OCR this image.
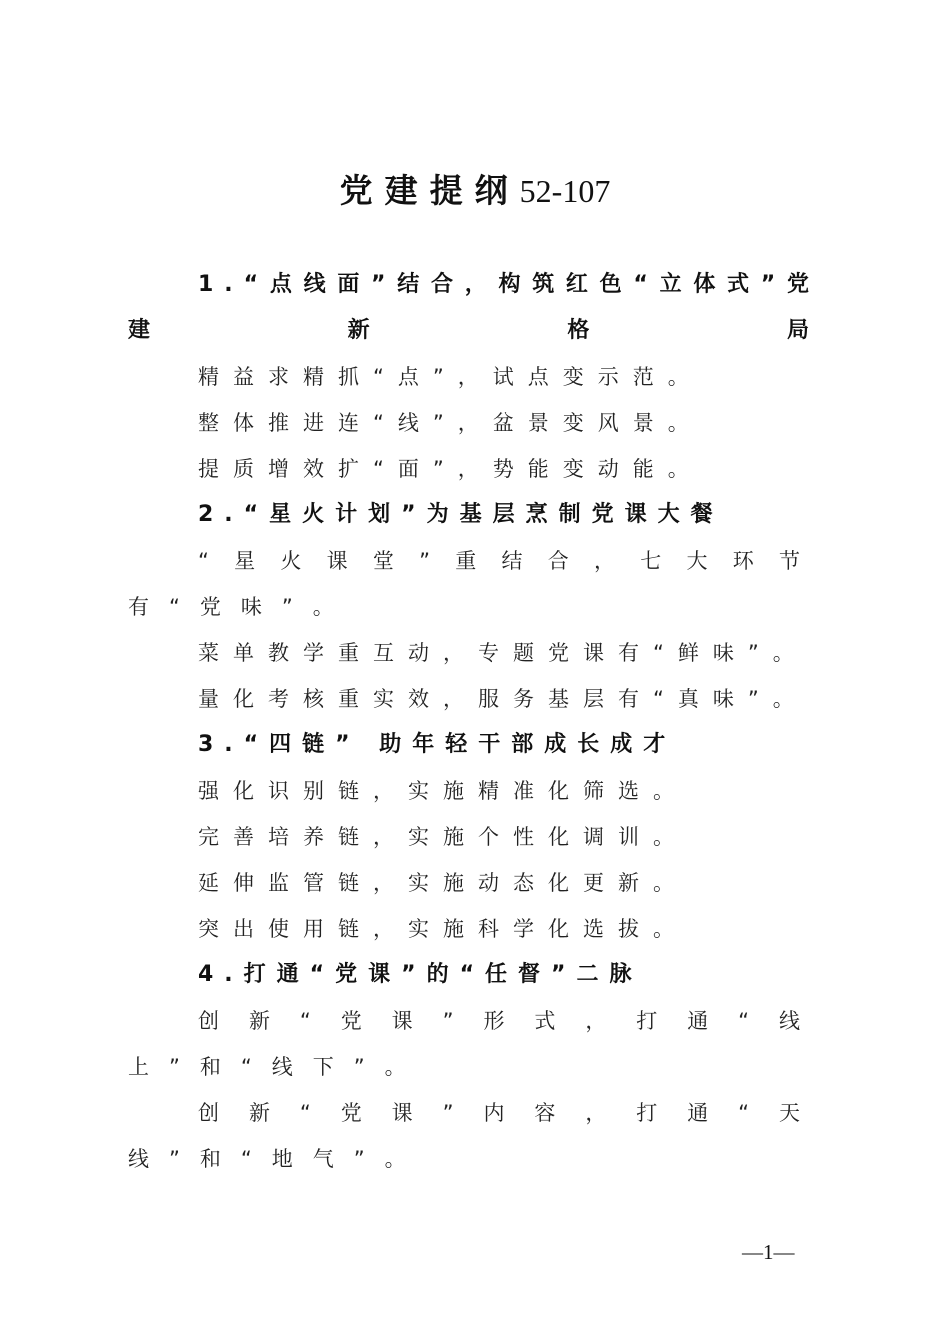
党建提纲52-107

1.“点线面”结合，构筑红色“立体式”党建新格局

精益求精抓“点”，试点变示范。

整体推进连“线”，盆景变风景。

提质增效扩“面”，势能变动能。

2.“星火计划”为基层烹制党课大餐

“星火课堂”重结合，七大环节有“党味”。

菜单教学重互动，专题党课有“鲜味”。

量化考核重实效，服务基层有“真味”。

3.“四链” 助年轻干部成长成才

强化识别链，实施精准化筛选。

完善培养链，实施个性化调训。

延伸监管链，实施动态化更新。

突出使用链，实施科学化选拔。

4.打通“党课”的“任督”二脉

创新“党课”形式，打通“线上”和“线下”。

创新“党课”内容，打通“天线”和“地气”。

—1—
